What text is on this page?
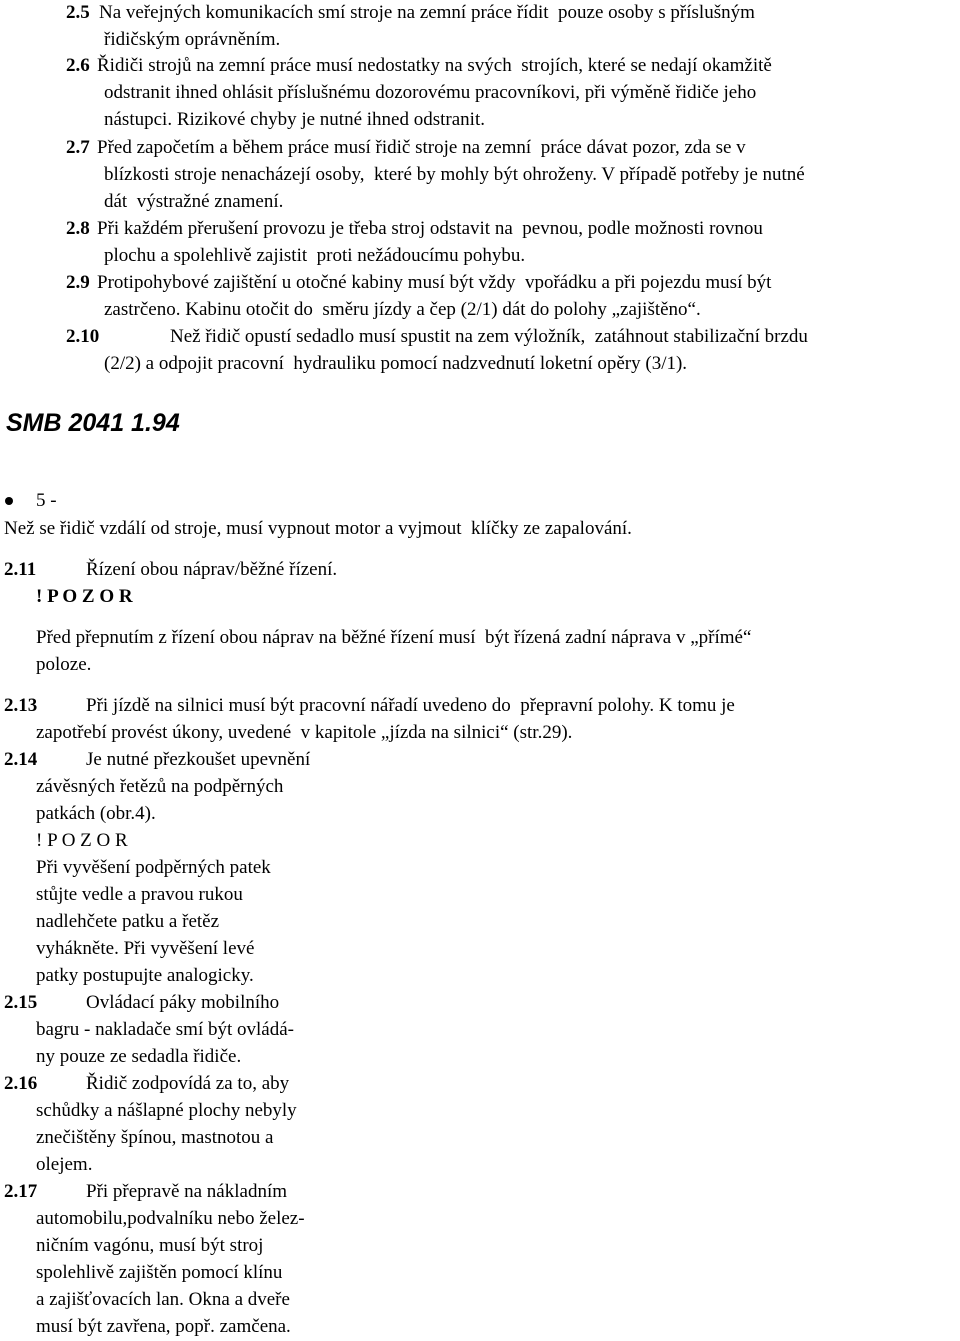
2.5 Na veřejných komunikacích smí stroje na zemní práce řídit  pouze osoby s příslušným
řidičským oprávněním.
2.6 Řidiči strojů na zemní práce musí nedostatky na svých  strojích, které se nedají okamžitě
odstranit ihned ohlásit příslušnému dozorovému pracovníkovi, při výměně řidiče jeho
nástupci. Rizikové chyby je nutné ihned odstranit.
2.7 Před započetím a během práce musí řidič stroje na zemní  práce dávat pozor, zda se v
blízkosti stroje nenacházejí osoby,  které by mohly být ohroženy. V případě potřeby je nutné
dát  výstražné znamení.
2.8 Při každém přerušení provozu je třeba stroj odstavit na  pevnou, podle možnosti rovnou
plochu a spolehlivě zajistit  proti nežádoucímu pohybu.
2.9 Protipohybové zajištění u otočné kabiny musí být vždy  vpořádku a při pojezdu musí být
zastrčeno. Kabinu otočit do  směru jízdy a čep (2/1) dát do polohy „zajištěno“.
2.10	Než řidič opustí sedadlo musí spustit na zem výložník,  zatáhnout stabilizační brzdu
(2/2) a odpojit pracovní  hydrauliku pomocí nadzvednutí loketní opěry (3/1).
SMB 2041 1.94
5 -
Než se řidič vzdálí od stroje, musí vypnout motor a vyjmout  klíčky ze zapalování.
2.11	Řízení obou náprav/běžné řízení.
! P O Z O R
Před přepnutím z řízení obou náprav na běžné řízení musí  být řízená zadní náprava v „přímé“
poloze.
2.13	Při jízdě na silnici musí být pracovní nářadí uvedeno do  přepravní polohy. K tomu je
zapotřebí provést úkony, uvedené  v kapitole „jízda na silnici“ (str.29).
2.14	Je nutné přezkoušet upevnění
závěsných řetězů na podpěrných
patkách (obr.4).
! P O Z O R
Při vyvěšení podpěrných patek
stůjte vedle a pravou rukou
nadlehčete patku a řetěz
vyhákněte. Při vyvěšení levé
patky postupujte analogicky.
2.15	Ovládací páky mobilního
bagru - nakladače smí být ovládá-
ny pouze ze sedadla řidiče.
2.16	Řidič zodpovídá za to, aby
schůdky a nášlapné plochy nebyly
znečištěny špínou, mastnotou a
olejem.
2.17	Při přepravě na nákladním
automobilu,podvalníku nebo želez-
ničním vagónu, musí být stroj
spolehlivě zajištěn pomocí klínu
a zajišťovacích lan. Okna a dveře
musí být zavřena, popř. zamčena.
